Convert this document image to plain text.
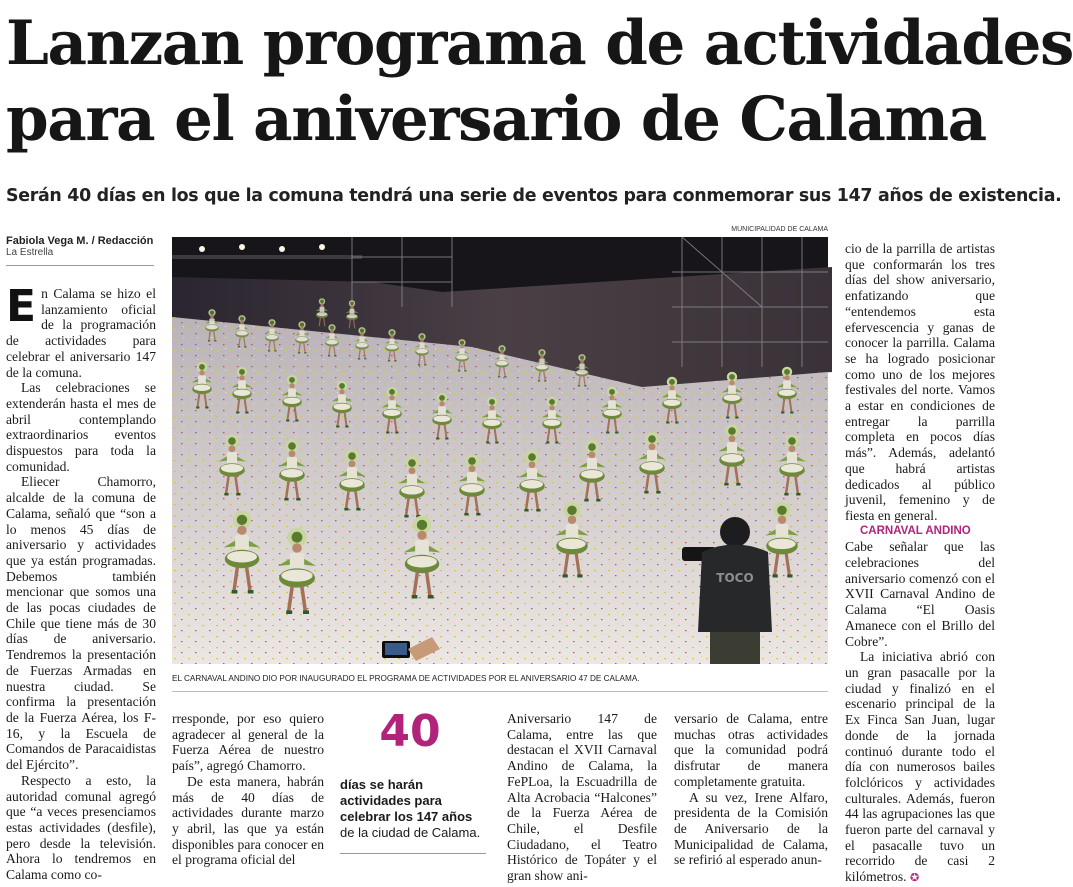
Lanzan programa de actividades
para el aniversario de Calama
Serán 40 días en los que la comuna tendrá una serie de eventos para conmemorar sus 147 años de existencia.
Fabiola Vega M. / Redacción
La Estrella

En Calama se hizo el lanzamiento oficial de la programación de actividades para celebrar el aniversario 147 de la comuna.

Las celebraciones se extenderán hasta el mes de abril contemplando extraordinarios eventos dispuestos para toda la comunidad.

Eliecer Chamorro, alcalde de la comuna de Calama, señaló que “son a lo menos 45 días de aniversario y actividades que ya están programadas. Debemos también mencionar que somos una de las pocas ciudades de Chile que tiene más de 30 días de aniversario. Tendremos la presentación de Fuerzas Armadas en nuestra ciudad. Se confirma la presentación de la Fuerza Aérea, los F-16, y la Escuela de Comandos de Paracaidistas del Ejército”.

Respecto a esto, la autoridad comunal agregó que “a veces presenciamos estas actividades (desfile), pero desde la televisión. Ahora lo tendremos en Calama como co-

MUNICIPALIDAD DE CALAMA
TOCO
EL CARNAVAL ANDINO DIO POR INAUGURADO EL PROGRAMA DE ACTIVIDADES POR EL ANIVERSARIO 47 DE CALAMA.

rresponde, por eso quiero agradecer al general de la Fuerza Aérea de nuestro país”, agregó Chamorro.

De esta manera, habrán más de 40 días de actividades durante marzo y abril, las que ya están disponibles para conocer en el programa oficial del

40
días se harán actividades para celebrar los 147 años de la ciudad de Calama.

Aniversario 147 de Calama, entre las que destacan el XVII Carnaval Andino de Calama, la FePLoa, la Escuadrilla de Alta Acrobacia “Halcones” de la Fuerza Aérea de Chile, el Desfile Ciudadano, el Teatro Histórico de Topáter y el gran show ani-

versario de Calama, entre muchas otras actividades que la comunidad podrá disfrutar de manera completamente gratuita.

A su vez, Irene Alfaro, presidenta de la Comisión de Aniversario de la Municipalidad de Calama, se refirió al esperado anun-

cio de la parrilla de artistas que conformarán los tres días del show aniversario, enfatizando que “entendemos esta efervescencia y ganas de conocer la parrilla. Calama se ha logrado posicionar como uno de los mejores festivales del norte. Vamos a estar en condiciones de entregar la parrilla completa en pocos días más”. Además, adelantó que habrá artistas dedicados al público juvenil, femenino y de fiesta en general.

CARNAVAL ANDINO

Cabe señalar que las celebraciones del aniversario comenzó con el XVII Carnaval Andino de Calama “El Oasis Amanece con el Brillo del Cobre”.

La iniciativa abrió con un gran pasacalle por la ciudad y finalizó en el escenario principal de la Ex Finca San Juan, lugar donde de la jornada continuó durante todo el día con numerosos bailes folclóricos y actividades culturales. Además, fueron 44 las agrupaciones las que fueron parte del carnaval y el pasacalle tuvo un recorrido de casi 2 kilómetros. ✪
